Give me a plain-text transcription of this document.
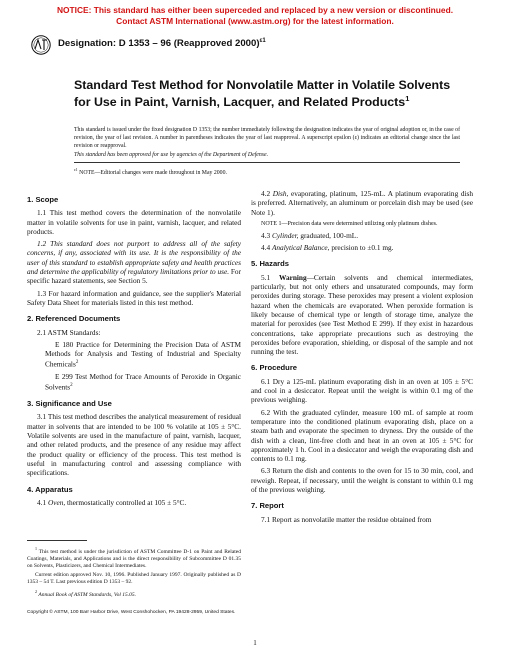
NOTICE: This standard has either been superceded and replaced by a new version or discontinued.
Contact ASTM International (www.astm.org) for the latest information.
Designation: D 1353 – 96 (Reapproved 2000)$^{\varepsilon 1}$
Standard Test Method for Nonvolatile Matter in Volatile Solvents for Use in Paint, Varnish, Lacquer, and Related Products$^1$
This standard is issued under the fixed designation D 1353; the number immediately following the designation indicates the year of original adoption or, in the case of revision, the year of last revision. A number in parentheses indicates the year of last reapproval. A superscript epsilon (ε) indicates an editorial change since the last revision or reapproval.
This standard has been approved for use by agencies of the Department of Defense.
$^{\varepsilon 1}$ NOTE—Editorial changes were made throughout in May 2000.
1. Scope

1.1 This test method covers the determination of the nonvolatile matter in volatile solvents for use in paint, varnish, lacquer, and related products.

1.2 This standard does not purport to address all of the safety concerns, if any, associated with its use. It is the responsibility of the user of this standard to establish appropriate safety and health practices and determine the applicability of regulatory limitations prior to use. For specific hazard statements, see Section 5.

1.3 For hazard information and guidance, see the supplier's Material Safety Data Sheet for materials listed in this test method.

2. Referenced Documents

2.1 ASTM Standards:

E 180 Practice for Determining the Precision Data of ASTM Methods for Analysis and Testing of Industrial and Specialty Chemicals$^2$

E 299 Test Method for Trace Amounts of Peroxide in Organic Solvents$^2$

3. Significance and Use

3.1 This test method describes the analytical measurement of residual matter in solvents that are intended to be 100 % volatile at 105 ± 5°C. Volatile solvents are used in the manufacture of paint, varnish, lacquer, and other related products, and the presence of any residue may affect the product quality or efficiency of the process. This test method is useful in manufacturing control and assessing compliance with specifications.

4. Apparatus

4.1 Oven, thermostatically controlled at 105 ± 5°C.

$^1$ This test method is under the jurisdiction of ASTM Committee D-1 on Paint and Related Coatings, Materials, and Applications and is the direct responsibility of Subcommittee D 01.35 on Solvents, Plasticizers, and Chemical Intermediates.

Current edition approved Nov. 10, 1996. Published January 1997. Originally published as D 1353 – 54 T. Last previous edition D 1353 – 92.

$^2$ Annual Book of ASTM Standards, Vol 15.05.

4.2 Dish, evaporating, platinum, 125-mL. A platinum evaporating dish is preferred. Alternatively, an aluminum or porcelain dish may be used (see Note 1).

NOTE 1—Precision data were determined utilizing only platinum dishes.

4.3 Cylinder, graduated, 100-mL.

4.4 Analytical Balance, precision to ±0.1 mg.

5. Hazards

5.1 Warning—Certain solvents and chemical intermediates, particularly, but not only ethers and unsaturated compounds, may form peroxides during storage. These peroxides may present a violent explosion hazard when the chemicals are evaporated. When peroxide formation is likely because of chemical type or length of storage time, analyze the material for peroxides (see Test Method E 299). If they exist in hazardous concentrations, take appropriate precautions such as destroying the peroxides before evaporation, shielding, or disposal of the sample and not running the test.

6. Procedure

6.1 Dry a 125-mL platinum evaporating dish in an oven at 105 ± 5°C and cool in a desiccator. Repeat until the weight is within 0.1 mg of the previous weighing.

6.2 With the graduated cylinder, measure 100 mL of sample at room temperature into the conditioned platinum evaporating dish, place on a steam bath and evaporate the specimen to dryness. Dry the outside of the dish with a clean, lint-free cloth and heat in an oven at 105 ± 5°C for approximately 1 h. Cool in a desiccator and weigh the evaporating dish and contents to 0.1 mg.

6.3 Return the dish and contents to the oven for 15 to 30 min, cool, and reweigh. Repeat, if necessary, until the weight is constant to within 0.1 mg of the previous weighing.

7. Report

7.1 Report as nonvolatile matter the residue obtained from

Copyright © ASTM, 100 Barr Harbor Drive, West Conshohocken, PA 19428-2959, United States.
1
